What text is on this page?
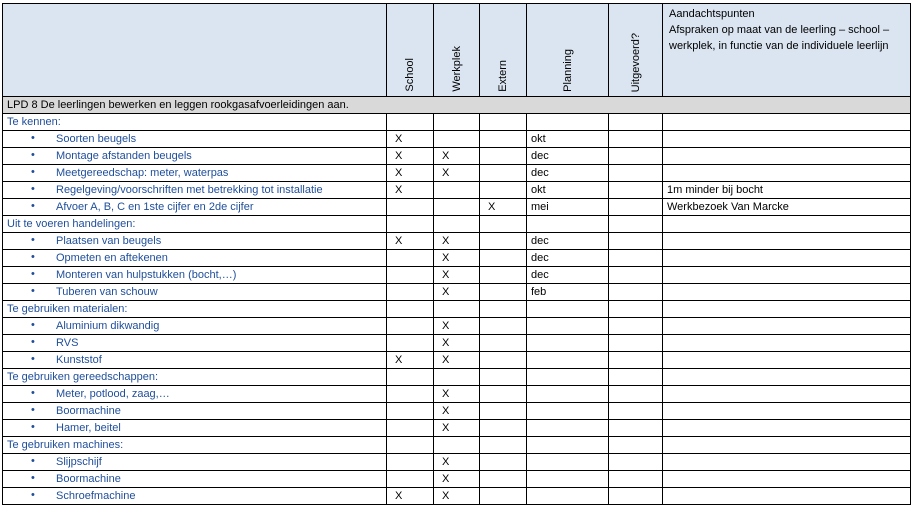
	School	Werkplek	Extern	Planning	Uitgevoerd?	Aandachtspunten
Afspraken op maat van de leerling – school – werkplek, in functie van de individuele leerlijn

LPD 8 De leerlingen bewerken en leggen rookgasafvoerleidingen aan.						
Te kennen:						

• Soorten beugels	X			okt		

• Montage afstanden beugels	X	X		dec		

• Meetgereedschap: meter, waterpas	X	X		dec		

• Regelgeving/voorschriften met betrekking tot installatie	X			okt		1m minder bij bocht

• Afvoer A, B, C en 1ste cijfer en 2de cijfer			X	mei		Werkbezoek Van Marcke
Uit te voeren handelingen:						

• Plaatsen van beugels	X	X		dec		

• Opmeten en aftekenen		X		dec		

• Monteren van hulpstukken (bocht,…)		X		dec		

• Tuberen van schouw		X		feb		
Te gebruiken materialen:						

• Aluminium dikwandig		X				

• RVS		X				

• Kunststof	X	X				
Te gebruiken gereedschappen:						

• Meter, potlood, zaag,…		X				

• Boormachine		X				

• Hamer, beitel		X				
Te gebruiken machines:						

• Slijpschijf		X				

• Boormachine		X				

• Schroefmachine	X	X				
